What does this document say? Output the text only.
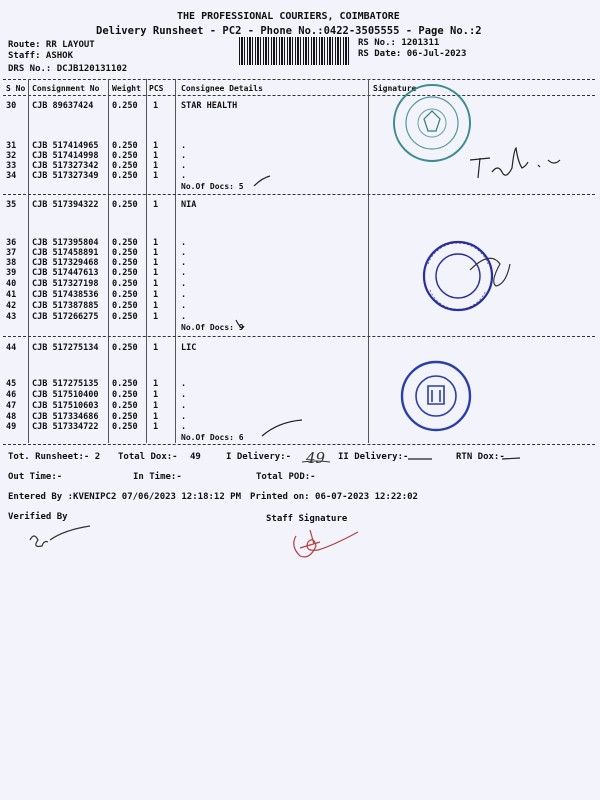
THE PROFESSIONAL COURIERS, COIMBATORE
Delivery Runsheet - PC2 - Phone No.:0422-3505555 - Page No.:2
Route: RR LAYOUT
Staff: ASHOK
DRS No.: DCJB120131102
RS No.: 1201311
RS Date: 06-Jul-2023
S No Consignment No Weight PCS Consignee Details	Signature
30 CJB 89637424 0.250 1	STAR HEALTH
31 CJB 517414965 0.250 1	.
32 CJB 517414998 0.250 1	.
33 CJB 517327342 0.250 1	.
34 CJB 517327349 0.250 1	.
No.Of Docs: 5
35 CJB 517394322 0.250 1	NIA
36 CJB 517395804 0.250 1	.
37 CJB 517458891 0.250 1	.
38 CJB 517329468 0.250 1	.
39 CJB 517447613 0.250 1	.
40 CJB 517327198 0.250 1	.
41 CJB 517438536 0.250 1	.
42 CJB 517387885 0.250 1	.
43 CJB 517266275 0.250 1	.
No.Of Docs: 9
44 CJB 517275134 0.250 1	LIC
45 CJB 517275135 0.250 1	.
46 CJB 517510400 0.250 1	.
47 CJB 517510603 0.250 1	.
48 CJB 517334686 0.250 1	.
49 CJB 517334722 0.250 1	.
No.Of Docs: 6
Tot. Runsheet:- 2 Total Dox:- 49	I Delivery:- 49 II Delivery:-	RTN Dox:-
Out Time:-	In Time:-	Total POD:-
Entered By :KVENIPC2 07/06/2023 12:18:12 PM Printed on: 06-07-2023 12:22:02
Verified By	Staff Signature
